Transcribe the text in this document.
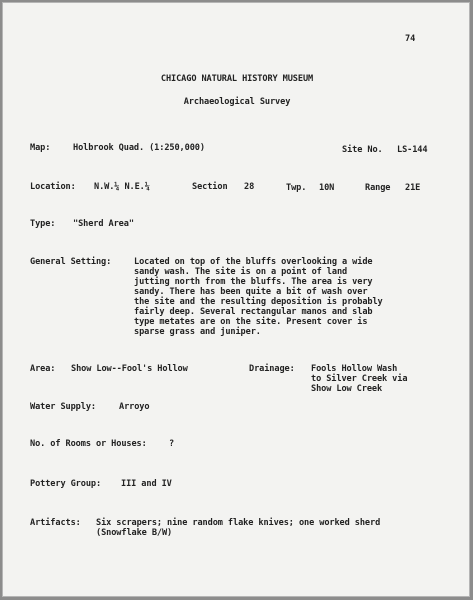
74
CHICAGO NATURAL HISTORY MUSEUM
Archaeological Survey
Map:	Holbrook Quad. (1:250,000)	Site No. LS-144
Location: N.W.¼ N.E.¼	Section 28	Twp. 10N	Range 21E
Type: "Sherd Area"
General Setting:	Located on top of the bluffs overlooking a wide
sandy wash. The site is on a point of land
jutting north from the bluffs. The area is very
sandy. There has been quite a bit of wash over
the site and the resulting deposition is probably
fairly deep. Several rectangular manos and slab
type metates are on the site. Present cover is
sparse grass and juniper.
Area: Show Low--Fool's Hollow	Drainage: Fools Hollow Wash
to Silver Creek via
Show Low Creek
Water Supply:	Arroyo
No. of Rooms or Houses:	?
Pottery Group: III and IV
Artifacts: Six scrapers; nine random flake knives; one worked sherd
(Snowflake B/W)
